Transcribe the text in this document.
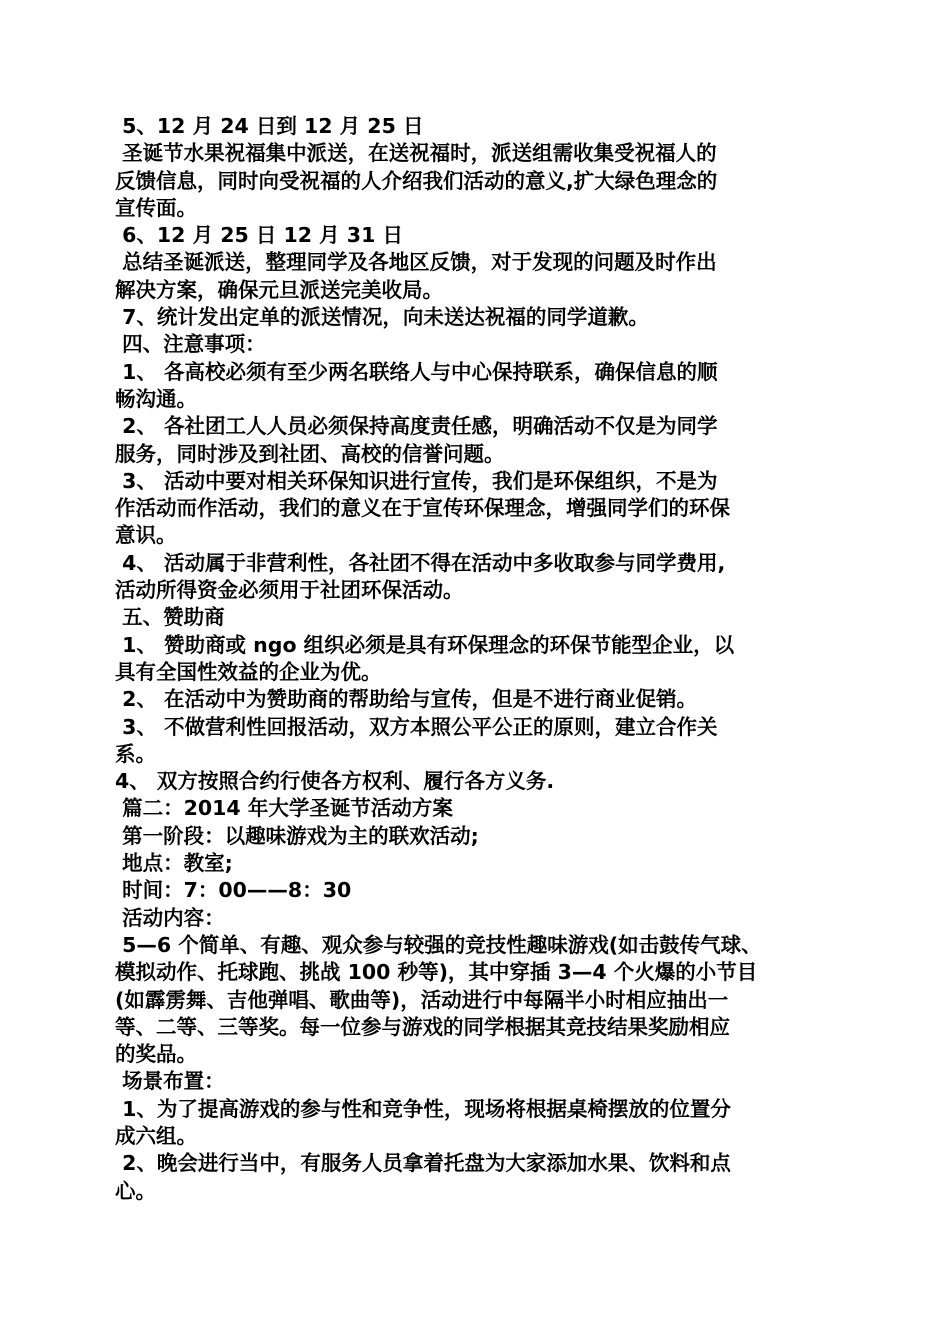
5、12 月 24 日到 12 月 25 日
圣诞节水果祝福集中派送，在送祝福时，派送组需收集受祝福人的
反馈信息，同时向受祝福的人介绍我们活动的意义,扩大绿色理念的
宣传面。
6、12 月 25 日 12 月 31 日
总结圣诞派送，整理同学及各地区反馈，对于发现的问题及时作出
解决方案，确保元旦派送完美收局。
7、统计发出定单的派送情况，向未送达祝福的同学道歉。
四、注意事项：
1、 各高校必须有至少两名联络人与中心保持联系，确保信息的顺
畅沟通。
2、 各社团工人人员必须保持高度责任感，明确活动不仅是为同学
服务，同时涉及到社团、高校的信誉问题。
3、 活动中要对相关环保知识进行宣传，我们是环保组织，不是为
作活动而作活动，我们的意义在于宣传环保理念，增强同学们的环保
意识。
4、 活动属于非营利性，各社团不得在活动中多收取参与同学费用,
活动所得资金必须用于社团环保活动。
五、赞助商
1、 赞助商或 ngo 组织必须是具有环保理念的环保节能型企业，以
具有全国性效益的企业为优。
2、 在活动中为赞助商的帮助给与宣传，但是不进行商业促销。
3、 不做营利性回报活动，双方本照公平公正的原则，建立合作关
系。
4、 双方按照合约行使各方权利、履行各方义务.
篇二：2014 年大学圣诞节活动方案
第一阶段：以趣味游戏为主的联欢活动;
地点：教室;
时间：7：00——8：30
活动内容：
5—6 个简单、有趣、观众参与较强的竞技性趣味游戏(如击鼓传气球、
模拟动作、托球跑、挑战 100 秒等)，其中穿插 3—4 个火爆的小节目
(如霹雳舞、吉他弹唱、歌曲等)，活动进行中每隔半小时相应抽出一
等、二等、三等奖。每一位参与游戏的同学根据其竞技结果奖励相应
的奖品。
场景布置：
1、为了提高游戏的参与性和竞争性，现场将根据桌椅摆放的位置分
成六组。
2、晚会进行当中，有服务人员拿着托盘为大家添加水果、饮料和点
心。
